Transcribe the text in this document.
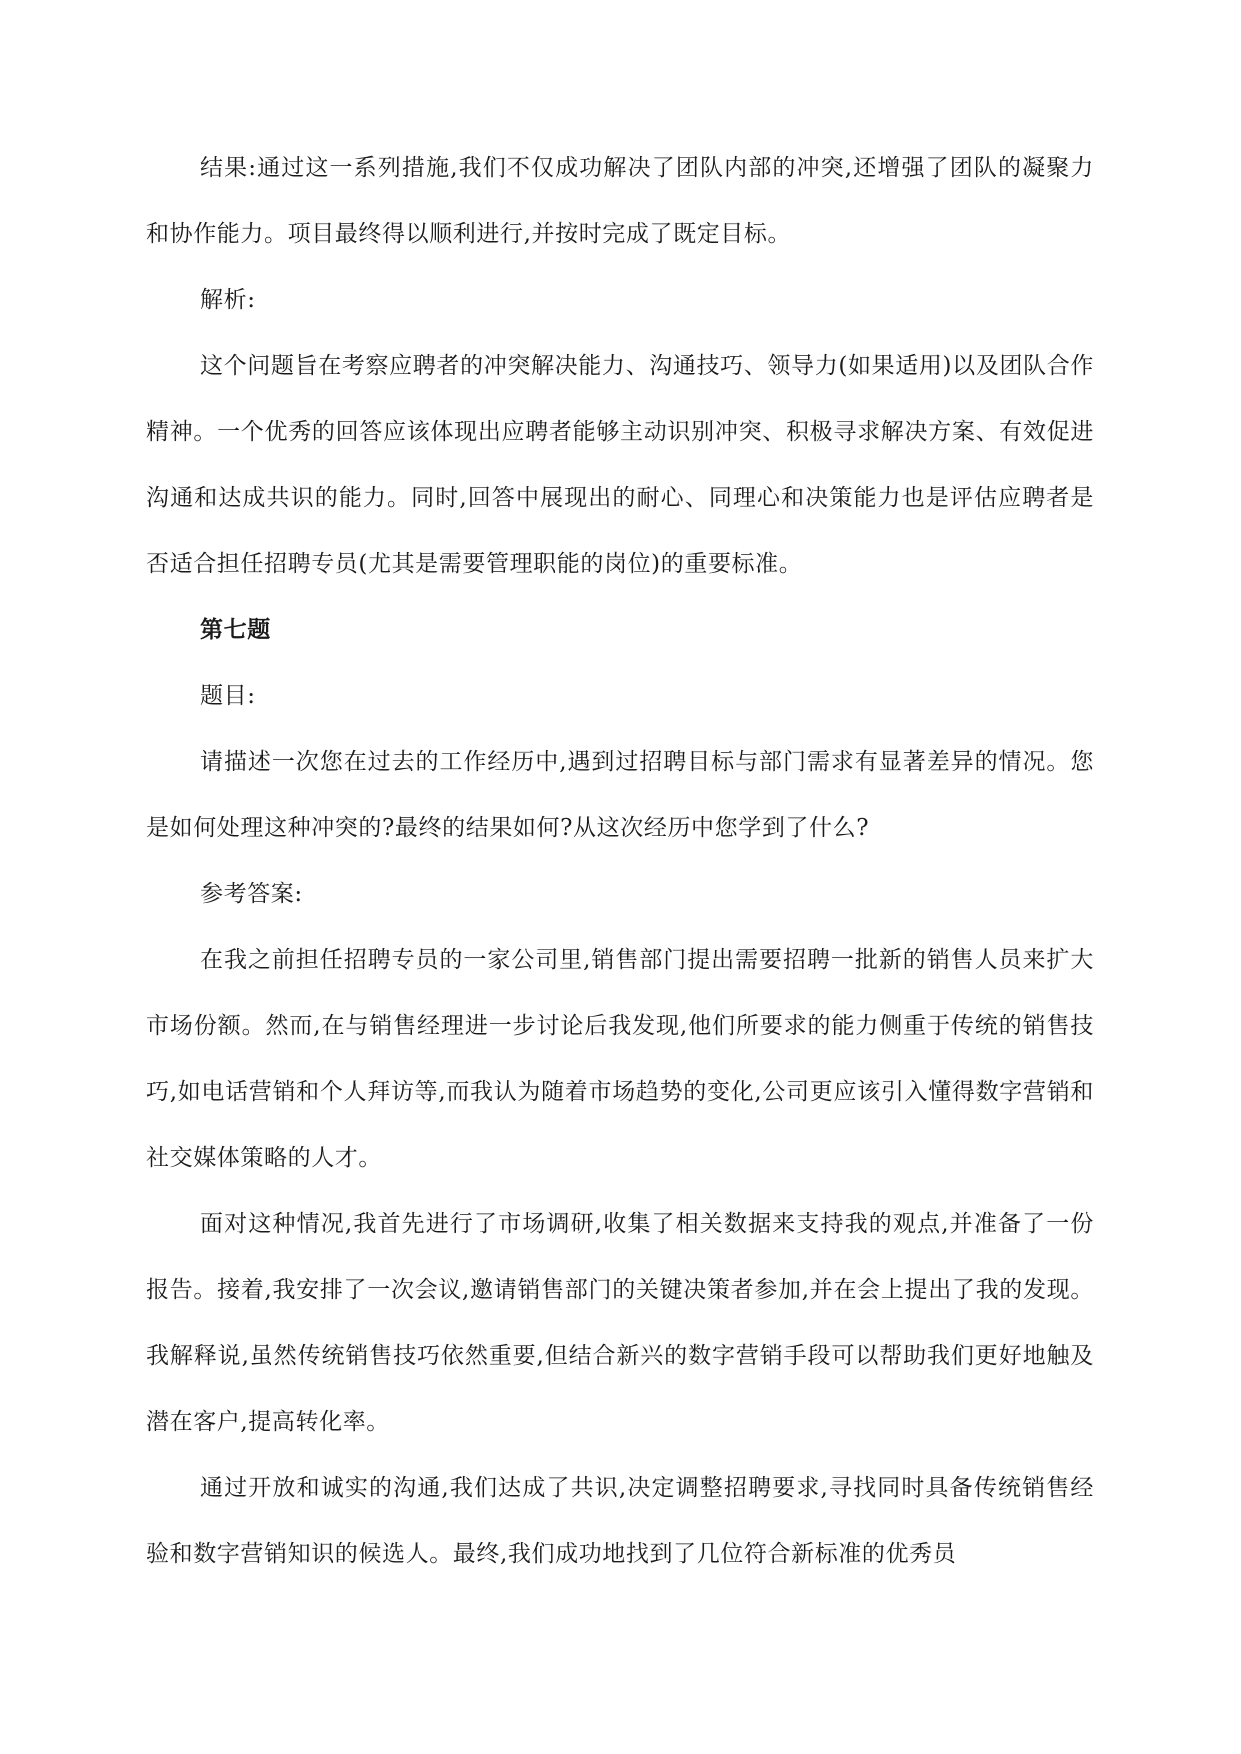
结果:通过这一系列措施,我们不仅成功解决了团队内部的冲突,还增强了团队的凝聚力和协作能力。项目最终得以顺利进行,并按时完成了既定目标。

解析:

这个问题旨在考察应聘者的冲突解决能力、沟通技巧、领导力(如果适用)以及团队合作精神。一个优秀的回答应该体现出应聘者能够主动识别冲突、积极寻求解决方案、有效促进沟通和达成共识的能力。同时,回答中展现出的耐心、同理心和决策能力也是评估应聘者是否适合担任招聘专员(尤其是需要管理职能的岗位)的重要标准。

第七题

题目:

请描述一次您在过去的工作经历中,遇到过招聘目标与部门需求有显著差异的情况。您是如何处理这种冲突的?最终的结果如何?从这次经历中您学到了什么?

参考答案:

在我之前担任招聘专员的一家公司里,销售部门提出需要招聘一批新的销售人员来扩大市场份额。然而,在与销售经理进一步讨论后我发现,他们所要求的能力侧重于传统的销售技巧,如电话营销和个人拜访等,而我认为随着市场趋势的变化,公司更应该引入懂得数字营销和社交媒体策略的人才。

面对这种情况,我首先进行了市场调研,收集了相关数据来支持我的观点,并准备了一份报告。接着,我安排了一次会议,邀请销售部门的关键决策者参加,并在会上提出了我的发现。我解释说,虽然传统销售技巧依然重要,但结合新兴的数字营销手段可以帮助我们更好地触及潜在客户,提高转化率。

通过开放和诚实的沟通,我们达成了共识,决定调整招聘要求,寻找同时具备传统销售经验和数字营销知识的候选人。最终,我们成功地找到了几位符合新标准的优秀员
